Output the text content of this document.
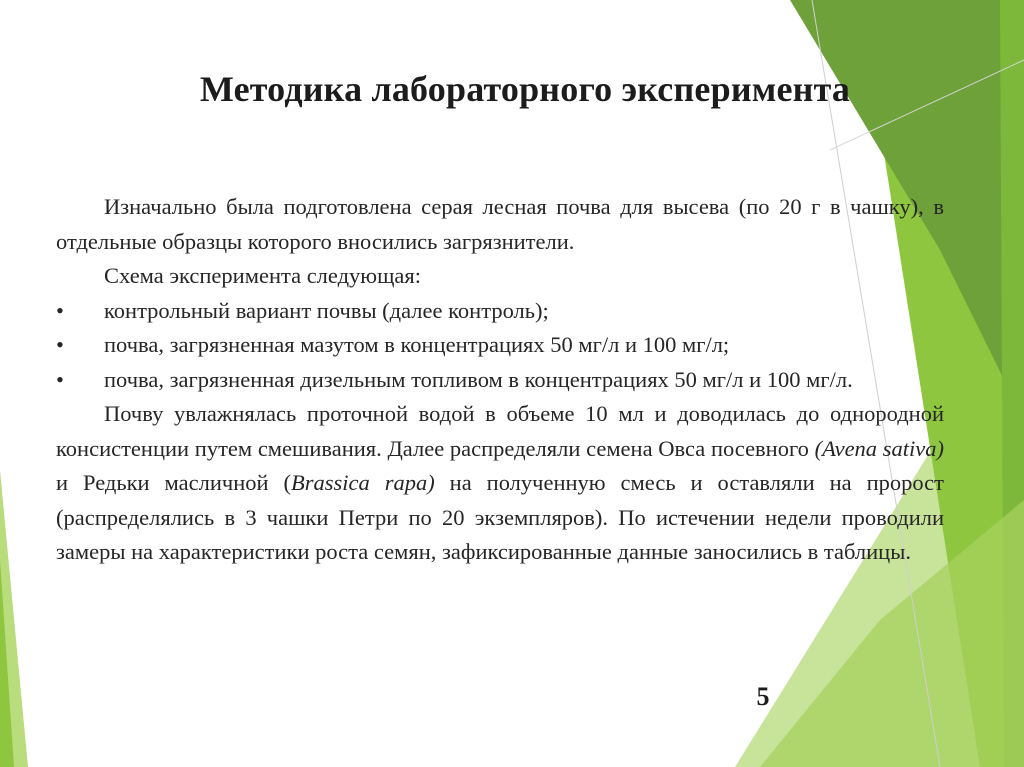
Методика лабораторного эксперимента

Изначально была подготовлена серая лесная почва для высева (по 20 г в чашку), в отдельные образцы которого вносились загрязнители.

Схема эксперимента следующая:

• контрольный вариант почвы (далее контроль);
• почва, загрязненная мазутом в концентрациях 50 мг/л и 100 мг/л;
• почва, загрязненная дизельным топливом в концентрациях 50 мг/л и 100 мг/л.

Почву увлажнялась проточной водой в объеме 10 мл и доводилась до однородной консистенции путем смешивания. Далее распределяли семена Овса посевного (Avena sativa) и Редьки масличной (Brassica rapa) на полученную смесь и оставляли на пророст (распределялись в 3 чашки Петри по 20 экземпляров). По истечении недели проводили замеры на характеристики роста семян, зафиксированные данные заносились в таблицы.

5
